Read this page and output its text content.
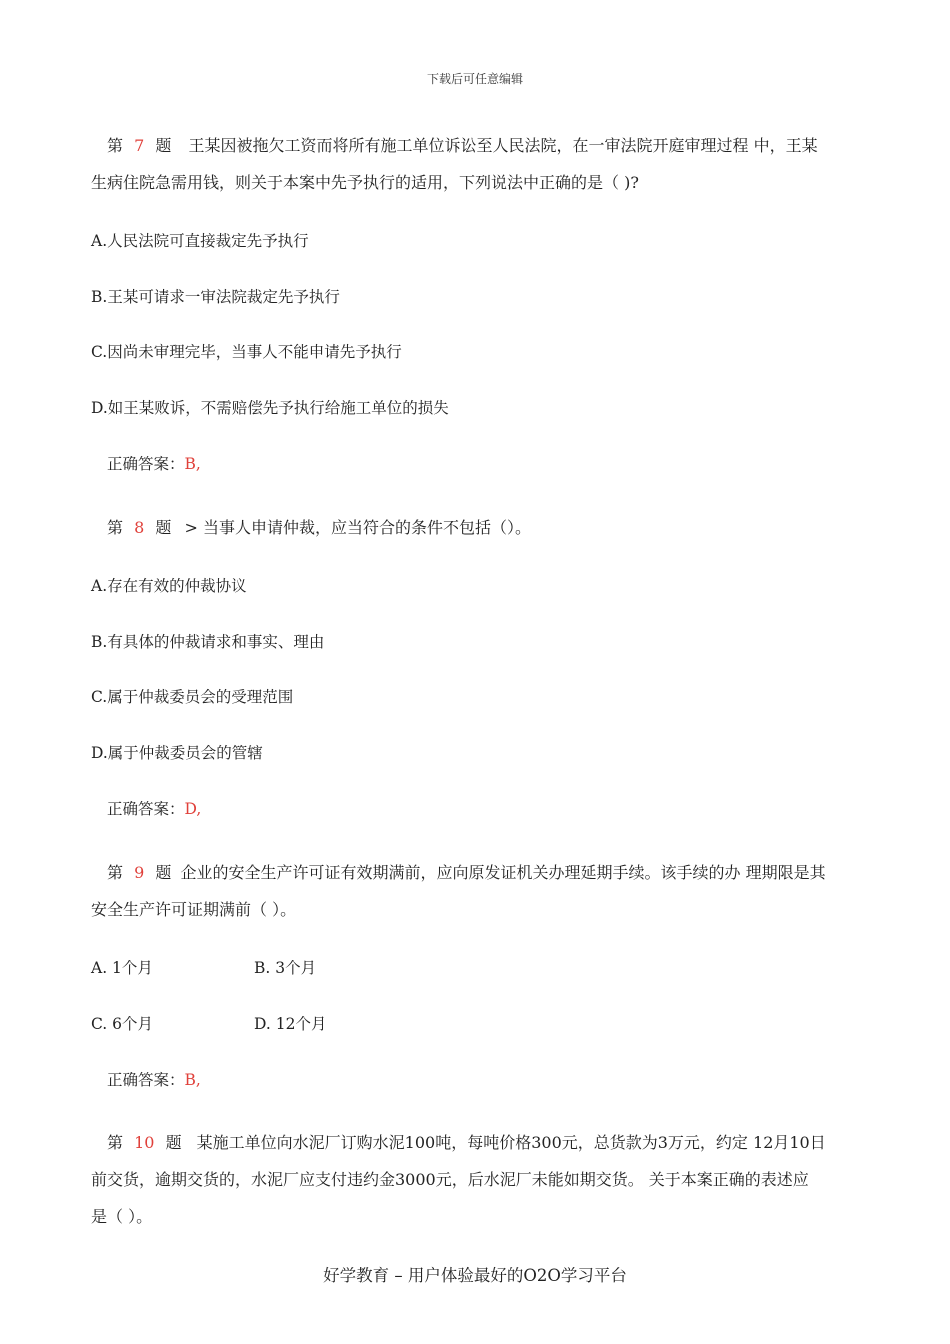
下载后可任意编辑
第 7 题 王某因被拖欠工资而将所有施工单位诉讼至人民法院，在一审法院开庭审理过程 中，王某
生病住院急需用钱，则关于本案中先予执行的适用，下列说法中正确的是（ )?
A.人民法院可直接裁定先予执行
B.王某可请求一审法院裁定先予执行
C.因尚未审理完毕，当事人不能申请先予执行
D.如王某败诉，不需赔偿先予执行给施工单位的损失
正确答案：B,
第 8 题 > 当事人申请仲裁，应当符合的条件不包括（）。
A.存在有效的仲裁协议
B.有具体的仲裁请求和事实、理由
C.属于仲裁委员会的受理范围
D.属于仲裁委员会的管辖
正确答案：D,
第 9 题 企业的安全生产许可证有效期满前，应向原发证机关办理延期手续。该手续的办 理期限是其
安全生产许可证期满前（ ）。
A. 1个月	B. 3个月
C. 6个月	D. 12个月
正确答案：B,
第 10 题 某施工单位向水泥厂订购水泥100吨，每吨价格300元，总货款为3万元，约定 12月10日
前交货，逾期交货的，水泥厂应支付违约金3000元，后水泥厂未能如期交货。 关于本案正确的表述应
是（ ）。
好学教育 – 用户体验最好的O2O学习平台
